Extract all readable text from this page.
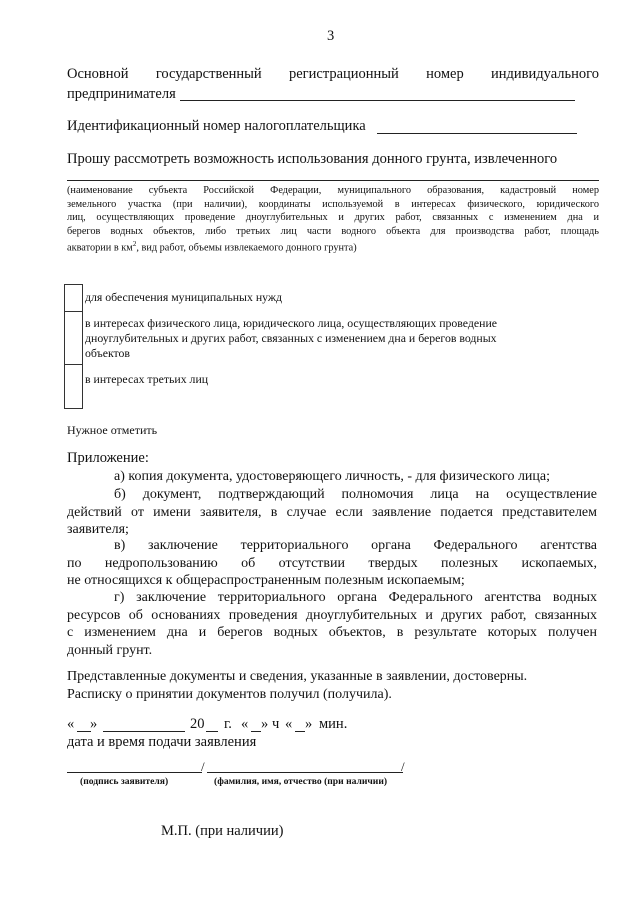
3
Основной государственный регистрационный номер индивидуального
предпринимателя
Идентификационный номер налогоплательщика
Прошу рассмотреть возможность использования донного грунта, извлеченного
(наименование субъекта Российской Федерации, муниципального образования, кадастровый номер
земельного участка (при наличии), координаты используемой в интересах физического, юридического
лиц, осуществляющих проведение дноуглубительных и других работ, связанных с изменением дна и
берегов водных объектов, либо третьих лиц части водного объекта для производства работ, площадь
акватории в $км^2$, вид работ, объемы извлекаемого донного грунта)
для обеспечения муниципальных нужд
в интересах физического лица, юридического лица, осуществляющих проведение
дноуглубительных и других работ, связанных с изменением дна и берегов водных
объектов
в интересах третьих лиц
Нужное отметить
Приложение:
а) копия документа, удостоверяющего личность, - для физического лица;
б) документ, подтверждающий полномочия лица на осуществление
действий от имени заявителя, в случае если заявление подается представителем
заявителя;
в) заключение территориального органа Федерального агентства
по недропользованию об отсутствии твердых полезных ископаемых,
не относящихся к общераспространенным полезным ископаемым;
г) заключение территориального органа Федерального агентства водных
ресурсов об основаниях проведения дноуглубительных и других работ, связанных
с изменением дна и берегов водных объектов, в результате которых получен
донный грунт.
Представленные документы и сведения, указанные в заявлении, достоверны.
Расписку о принятии документов получил (получила).
« »	20 г. « » ч « » мин.
дата и время подачи заявления
/	/
(подпись заявителя)	(фамилия, имя, отчество (при наличии)
М.П. (при наличии)
